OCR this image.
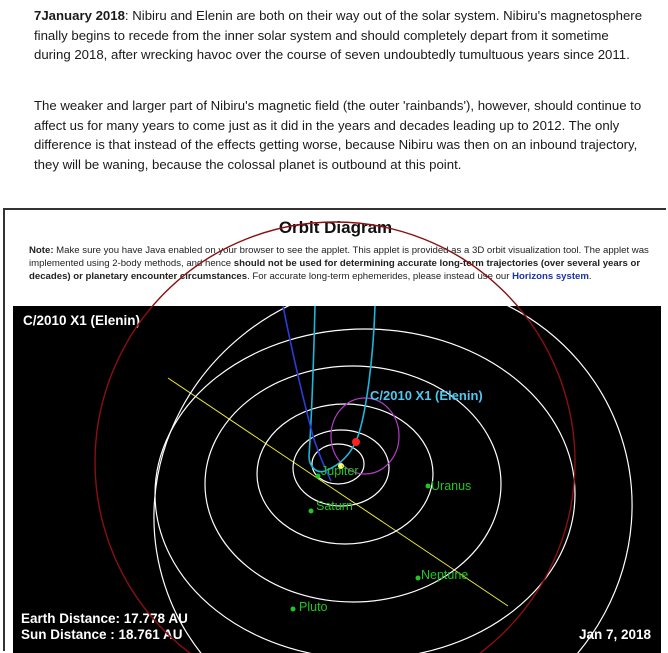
7January 2018: Nibiru and Elenin are both on their way out of the solar system. Nibiru's magnetosphere finally begins to recede from the inner solar system and should completely depart from it sometime during 2018, after wrecking havoc over the course of seven undoubtedly tumultuous years since 2011.

The weaker and larger part of Nibiru's magnetic field (the outer 'rainbands'), however, should continue to affect us for many years to come just as it did in the years and decades leading up to 2012. The only difference is that instead of the effects getting worse, because Nibiru was then on an inbound trajectory, they will be waning, because the colossal planet is outbound at this point.

Orbit Diagram

Note: Make sure you have Java enabled on your browser to see the applet. This applet is provided as a 3D orbit visualization tool. The applet was implemented using 2-body methods, and hence should not be used for determining accurate long-term trajectories (over several years or decades) or planetary encounter circumstances. For accurate long-term ephemerides, please instead use our Horizons system.

Jupiter
Saturn
Uranus
Neptune
Pluto
C/2010 X1 (Elenin)
C/2010 X1 (Elenin)
Earth Distance: 17.778 AU
Sun Distance : 18.761 AU	Jan 7, 2018
